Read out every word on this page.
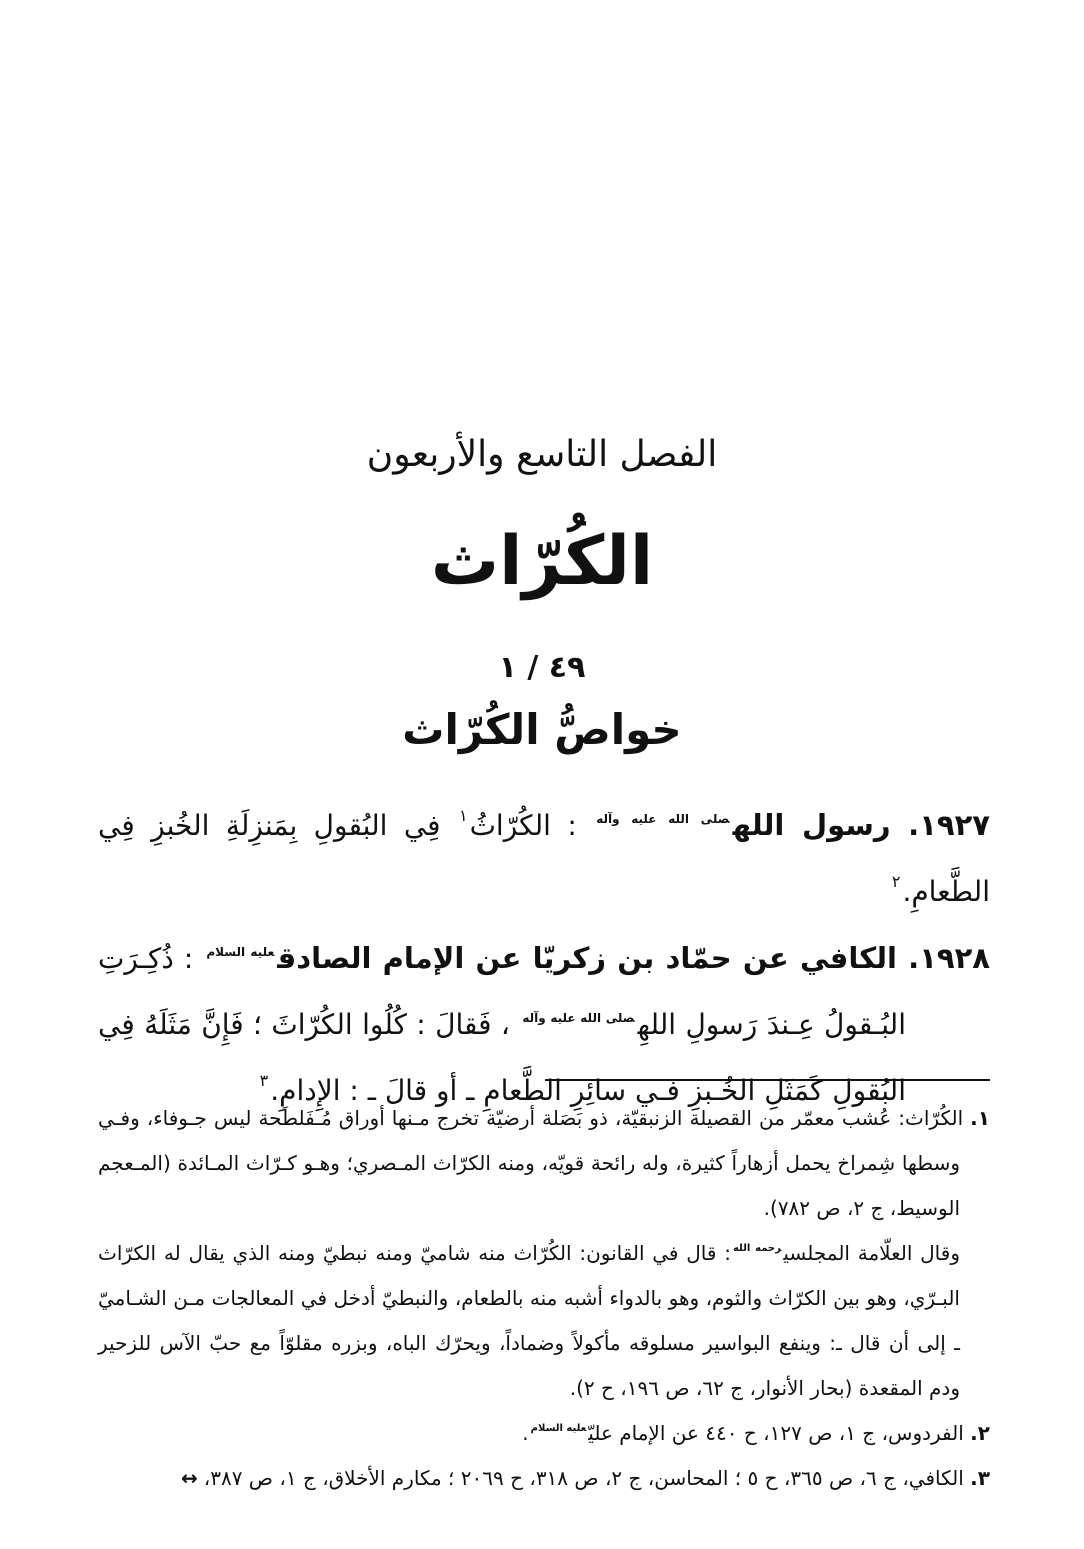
الفصل التاسع والأربعون
الكُرّاث
٤٩ / ١
خواصُّ الكُرّاث

١٩٢٧. رسول الله$^{صلى الله عليه وآله}$ : الكُرّاثُ$^١$ فِي البُقولِ بِمَنزِلَةِ الخُبزِ فِي الطَّعامِ.$^٢$

١٩٢٨. الكافي عن حمّاد بن زكريّا عن الإمام الصادق$^{عليه السلام}$ : ذُكِـرَتِ البُـقولُ عِـندَ رَسولِ اللهِ$^{صلى الله عليه وآله}$ ، فَقالَ : كُلُوا الكُرّاثَ ؛ فَإِنَّ مَثَلَهُ فِي البُقولِ كَمَثَلِ الخُـبزِ فـي سائِرِ الطَّعامِ ـ أو قالَ ـ : الإِدامِ.$^٣$

١. الكُرّاث: عُشب معمّر من القصيلة الزنبقيّة، ذو بَصَلة أرضيّة تخرج مـنها أوراق مُـفَلطَحة ليس جـوفاء، وفـي وسطها شِمراخ يحمل أزهاراً كثيرة، وله رائحة قويّه، ومنه الكرّاث المـصري؛ وهـو كـرّاث المـائدة (المـعجم الوسيط، ج ٢، ص ٧٨٢).

وقال العلّامة المجلسي$^{رحمه الله}$: قال في القانون: الكُرّاث منه شاميّ ومنه نبطيّ ومنه الذي يقال له الكرّاث البـرّي، وهو بين الكرّاث والثوم، وهو بالدواء أشبه منه بالطعام، والنبطيّ أدخل في المعالجات مـن الشـاميّ ـ إلى أن قال ـ: وينفع البواسير مسلوقه مأكولاً وضماداً، ويحرّك الباه، وبزره مقلوّاً مع حبّ الآس للزحير ودم المقعدة (بحار الأنوار، ج ٦٢، ص ١٩٦، ح ٢).

٢. الفردوس، ج ١، ص ١٢٧، ح ٤٤٠ عن الإمام عليّ$^{عليه السلام}$.

٣. الكافي، ج ٦، ص ٣٦٥، ح ٥ ؛ المحاسن، ج ٢، ص ٣١٨، ح ٢٠٦٩ ؛ مكارم الأخلاق، ج ١، ص ٣٨٧،↔
